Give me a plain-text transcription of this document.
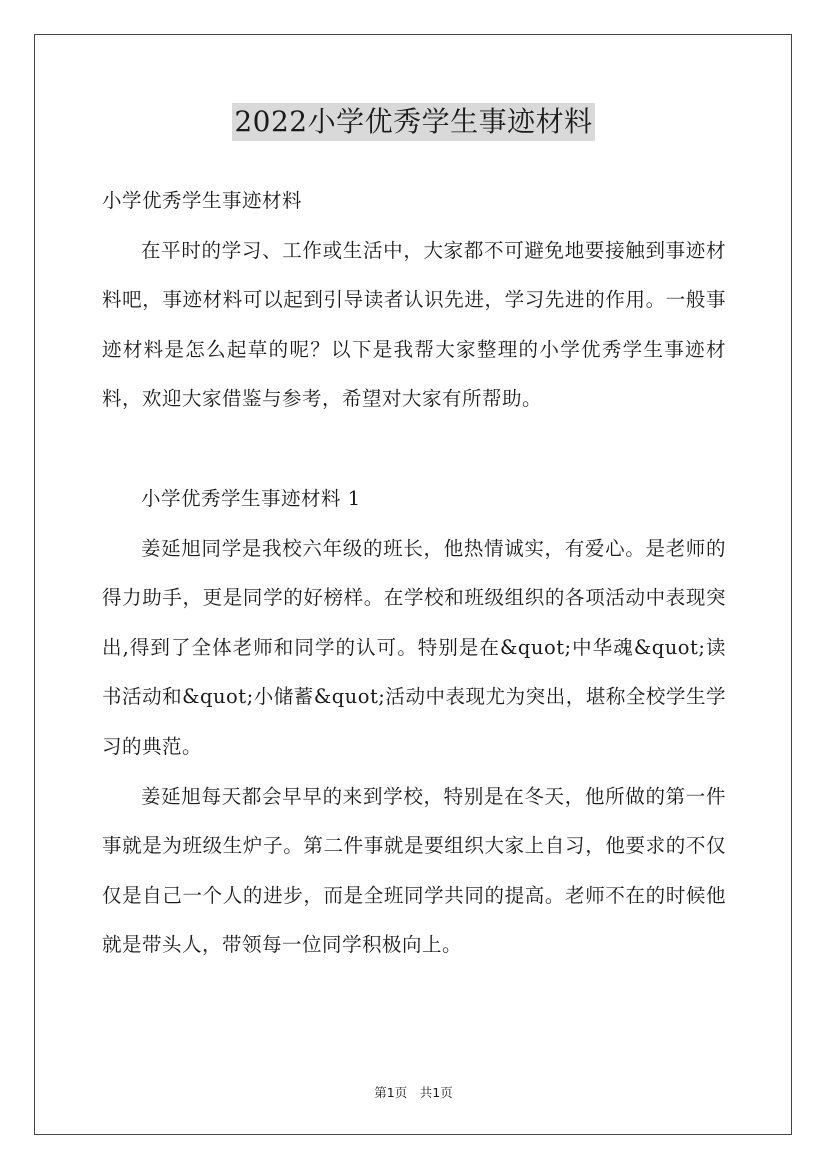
2022小学优秀学生事迹材料

小学优秀学生事迹材料

在平时的学习、工作或生活中，大家都不可避免地要接触到事迹材料吧，事迹材料可以起到引导读者认识先进，学习先进的作用。一般事迹材料是怎么起草的呢？以下是我帮大家整理的小学优秀学生事迹材料，欢迎大家借鉴与参考，希望对大家有所帮助。

小学优秀学生事迹材料 1

姜延旭同学是我校六年级的班长，他热情诚实，有爱心。是老师的得力助手，更是同学的好榜样。在学校和班级组织的各项活动中表现突出,得到了全体老师和同学的认可。特别是在&quot;中华魂&quot;读书活动和&quot;小储蓄&quot;活动中表现尤为突出，堪称全校学生学习的典范。

姜延旭每天都会早早的来到学校，特别是在冬天，他所做的第一件事就是为班级生炉子。第二件事就是要组织大家上自习，他要求的不仅仅是自己一个人的进步，而是全班同学共同的提高。老师不在的时候他就是带头人，带领每一位同学积极向上。

第1页　共1页
